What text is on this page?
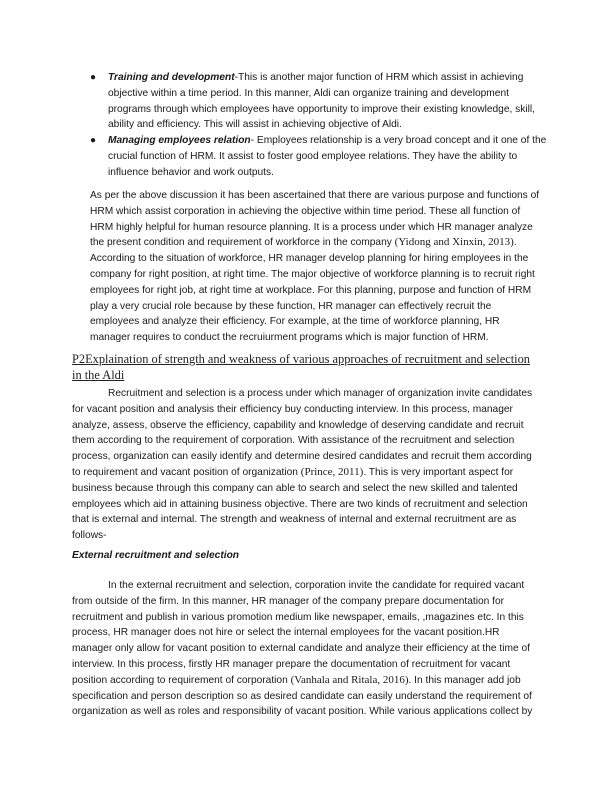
● Training and development-This is another major function of HRM which assist in achieving objective within a time period. In this manner, Aldi can organize training and development programs through which employees have opportunity to improve their existing knowledge, skill, ability and efficiency. This will assist in achieving objective of Aldi.
● Managing employees relation- Employees relationship is a very broad concept and it one of the crucial function of HRM. It assist to foster good employee relations. They have the ability to influence behavior and work outputs.

As per the above discussion it has been ascertained that there are various purpose and functions of HRM which assist corporation in achieving the objective within time period. These all function of HRM highly helpful for human resource planning. It is a process under which HR manager analyze the present condition and requirement of workforce in the company (Yidong and Xinxin, 2013). According to the situation of workforce, HR manager develop planning for hiring employees in the company for right position, at right time. The major objective of workforce planning is to recruit right employees for right job, at right time at workplace. For this planning, purpose and function of HRM play a very crucial role because by these function, HR manager can effectively recruit the employees and analyze their efficiency. For example, at the time of workforce planning, HR manager requires to conduct the recruiurment programs which is major function of HRM.

P2Explaination of strength and weakness of various approaches of recruitment and selection in the Aldi

Recruitment and selection is a process under which manager of organization invite candidates for vacant position and analysis their efficiency buy conducting interview. In this process, manager analyze, assess, observe the efficiency, capability and knowledge of deserving candidate and recruit them according to the requirement of corporation. With assistance of the recruitment and selection process, organization can easily identify and determine desired candidates and recruit them according to requirement and vacant position of organization (Prince, 2011). This is very important aspect for business because through this company can able to search and select the new skilled and talented employees which aid in attaining business objective. There are two kinds of recruitment and selection that is external and internal. The strength and weakness of internal and external recruitment are as follows-

External recruitment and selection

In the external recruitment and selection, corporation invite the candidate for required vacant from outside of the firm. In this manner, HR manager of the company prepare documentation for recruitment and publish in various promotion medium like newspaper, emails, ,magazines etc. In this process, HR manager does not hire or select the internal employees for the vacant position.HR manager only allow for vacant position to external candidate and analyze their efficiency at the time of interview. In this process, firstly HR manager prepare the documentation of recruitment for vacant position according to requirement of corporation (Vanhala and Ritala, 2016). In this manager add job specification and person description so as desired candidate can easily understand the requirement of organization as well as roles and responsibility of vacant position. While various applications collect by
